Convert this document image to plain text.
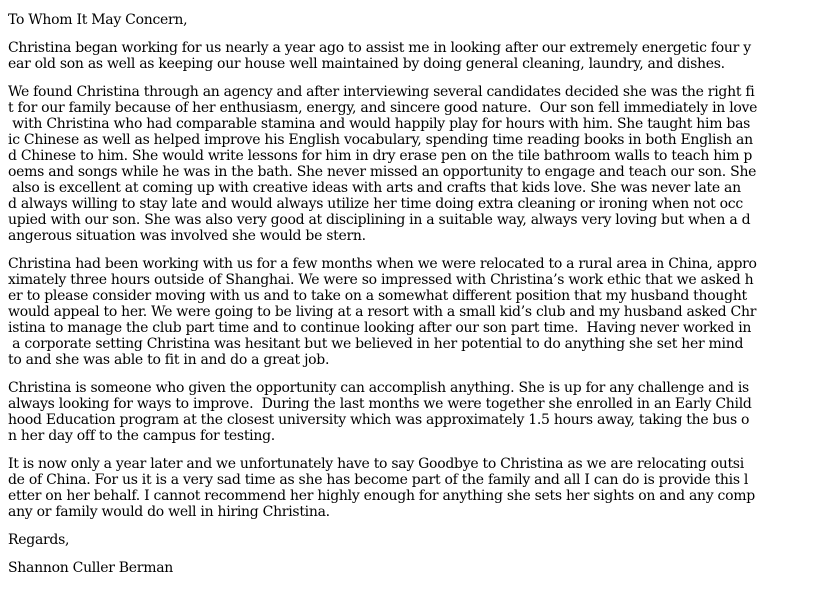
To Whom It May Concern,

Christina began working for us nearly a year ago to assist me in looking after our extremely energetic four y
ear old son as well as keeping our house well maintained by doing general cleaning, laundry, and dishes.

We found Christina through an agency and after interviewing several candidates decided she was the right fi
t for our family because of her enthusiasm, energy, and sincere good nature.  Our son fell immediately in love
with Christina who had comparable stamina and would happily play for hours with him. She taught him bas
ic Chinese as well as helped improve his English vocabulary, spending time reading books in both English an
d Chinese to him. She would write lessons for him in dry erase pen on the tile bathroom walls to teach him p
oems and songs while he was in the bath. She never missed an opportunity to engage and teach our son. She
also is excellent at coming up with creative ideas with arts and crafts that kids love. She was never late an
d always willing to stay late and would always utilize her time doing extra cleaning or ironing when not occ
upied with our son. She was also very good at disciplining in a suitable way, always very loving but when a d
angerous situation was involved she would be stern.

Christina had been working with us for a few months when we were relocated to a rural area in China, appro
ximately three hours outside of Shanghai. We were so impressed with Christina’s work ethic that we asked h
er to please consider moving with us and to take on a somewhat different position that my husband thought
would appeal to her. We were going to be living at a resort with a small kid’s club and my husband asked Chr
istina to manage the club part time and to continue looking after our son part time.  Having never worked in
a corporate setting Christina was hesitant but we believed in her potential to do anything she set her mind
to and she was able to fit in and do a great job.

Christina is someone who given the opportunity can accomplish anything. She is up for any challenge and is
always looking for ways to improve.  During the last months we were together she enrolled in an Early Child
hood Education program at the closest university which was approximately 1.5 hours away, taking the bus o
n her day off to the campus for testing.

It is now only a year later and we unfortunately have to say Goodbye to Christina as we are relocating outsi
de of China. For us it is a very sad time as she has become part of the family and all I can do is provide this l
etter on her behalf. I cannot recommend her highly enough for anything she sets her sights on and any comp
any or family would do well in hiring Christina.

Regards,

Shannon Culler Berman
